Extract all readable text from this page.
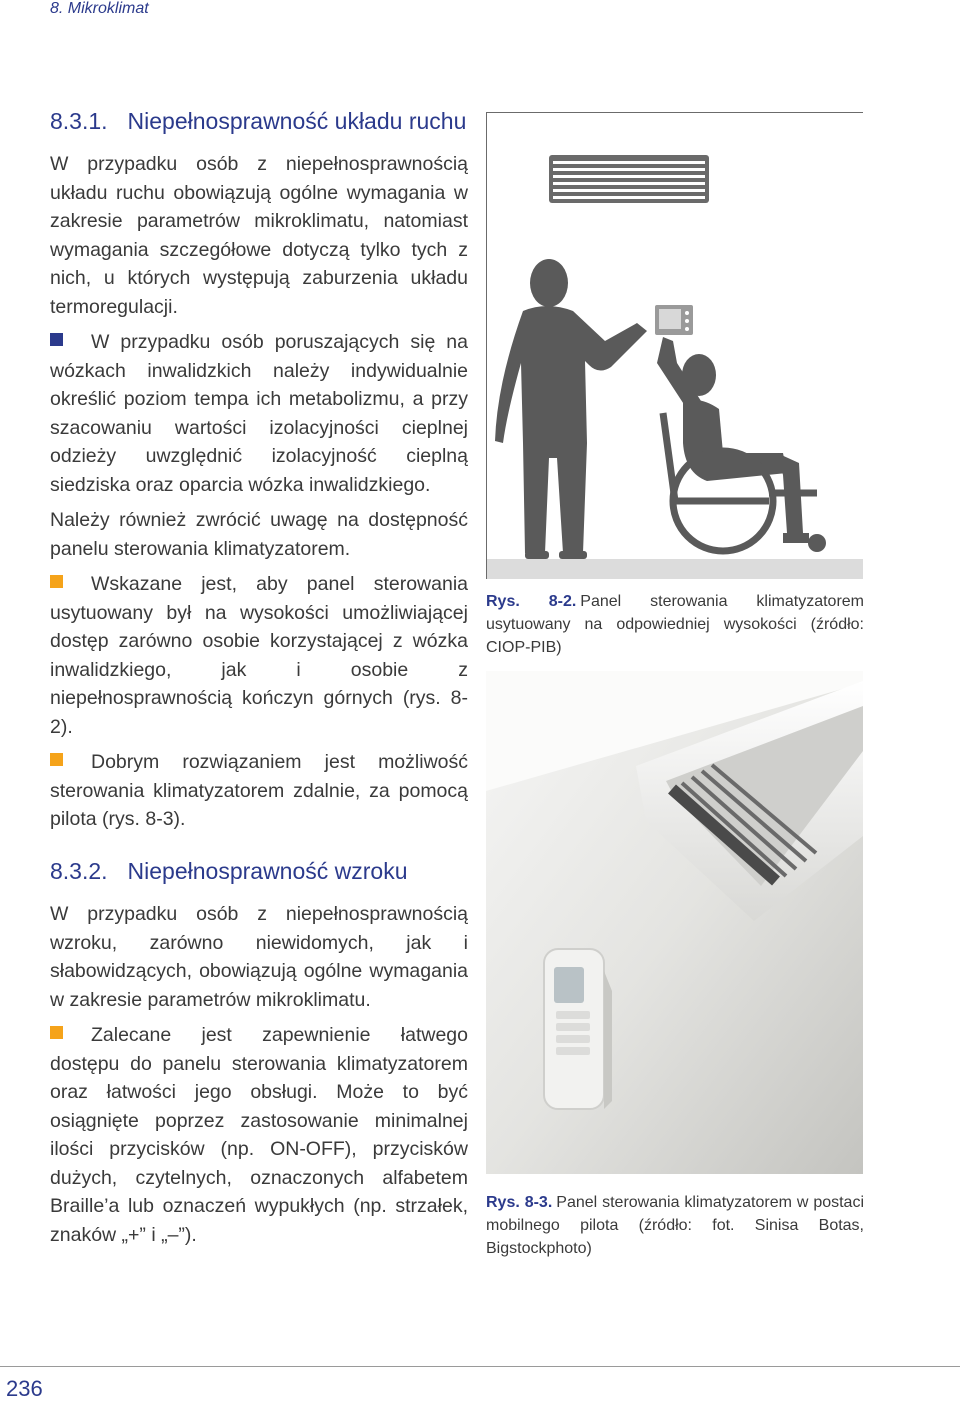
8. Mikroklimat
8.3.1. Niepełnosprawność układu ruchu

W przypadku osób z niepełnosprawnością układu ruchu obowiązują ogólne wymagania w zakresie parametrów mikroklimatu, natomiast wymagania szczegółowe dotyczą tylko tych z nich, u których występują zaburzenia układu termoregulacji.

W przypadku osób poruszających się na wózkach inwalidzkich należy indywidualnie określić poziom tempa ich metabolizmu, a przy szacowaniu wartości izolacyjności cieplnej odzieży uwzględnić izolacyjność cieplną siedziska oraz oparcia wózka inwalidzkiego.

Należy również zwrócić uwagę na dostępność panelu sterowania klimatyzatorem.

Wskazane jest, aby panel sterowania usytuowany był na wysokości umożliwiającej dostęp zarówno osobie korzystającej z wózka inwalidzkiego, jak i osobie z niepełnosprawnością kończyn górnych (rys. 8-2).

Dobrym rozwiązaniem jest możliwość sterowania klimatyzatorem zdalnie, za pomocą pilota (rys. 8-3).

8.3.2. Niepełnosprawność wzroku

W przypadku osób z niepełnosprawnością wzroku, zarówno niewidomych, jak i słabowidzących, obowiązują ogólne wymagania w zakresie parametrów mikroklimatu.

Zalecane jest zapewnienie łatwego dostępu do panelu sterowania klimatyzatorem oraz łatwości jego obsługi. Może to być osiągnięte poprzez zastosowanie minimalnej ilości przycisków (np. ON-OFF), przycisków dużych, czytelnych, oznaczonych alfabetem Braille’a lub oznaczeń wypukłych (np. strzałek, znaków „+” i „–”).

Rys. 8-2. Panel sterowania klimatyzatorem usytuowany na odpowiedniej wysokości (źródło: CIOP-PIB)
Rys. 8-3. Panel sterowania klimatyzatorem w postaci mobilnego pilota (źródło: fot. Sinisa Botas, Bigstockphoto)
236
